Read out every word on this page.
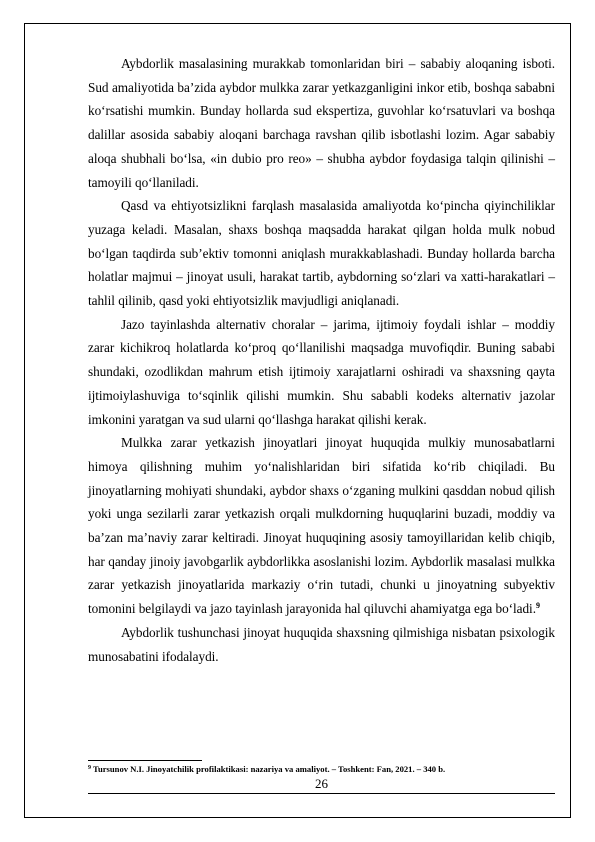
Aybdorlik masalasining murakkab tomonlaridan biri – sababiy aloqaning isboti. Sud amaliyotida ba’zida aybdor mulkka zarar yetkazganligini inkor etib, boshqa sababni ko‘rsatishi mumkin. Bunday hollarda sud ekspertiza, guvohlar ko‘rsatuvlari va boshqa dalillar asosida sababiy aloqani barchaga ravshan qilib isbotlashi lozim. Agar sababiy aloqa shubhali bo‘lsa, «in dubio pro reo» – shubha aybdor foydasiga talqin qilinishi – tamoyili qo‘llaniladi.

Qasd va ehtiyotsizlikni farqlash masalasida amaliyotda ko‘pincha qiyinchiliklar yuzaga keladi. Masalan, shaxs boshqa maqsadda harakat qilgan holda mulk nobud bo‘lgan taqdirda sub’ektiv tomonni aniqlash murakkablashadi. Bunday hollarda barcha holatlar majmui – jinoyat usuli, harakat tartib, aybdorning so‘zlari va xatti-harakatlari – tahlil qilinib, qasd yoki ehtiyotsizlik mavjudligi aniqlanadi.

Jazo tayinlashda alternativ choralar – jarima, ijtimoiy foydali ishlar – moddiy zarar kichikroq holatlarda ko‘proq qo‘llanilishi maqsadga muvofiqdir. Buning sababi shundaki, ozodlikdan mahrum etish ijtimoiy xarajatlarni oshiradi va shaxsning qayta ijtimoiylashuviga to‘sqinlik qilishi mumkin. Shu sababli kodeks alternativ jazolar imkonini yaratgan va sud ularni qo‘llashga harakat qilishi kerak.

Mulkka zarar yetkazish jinoyatlari jinoyat huquqida mulkiy munosabatlarni himoya qilishning muhim yo‘nalishlaridan biri sifatida ko‘rib chiqiladi. Bu jinoyatlarning mohiyati shundaki, aybdor shaxs o‘zganing mulkini qasddan nobud qilish yoki unga sezilarli zarar yetkazish orqali mulkdorning huquqlarini buzadi, moddiy va ba’zan ma’naviy zarar keltiradi. Jinoyat huquqining asosiy tamoyillaridan kelib chiqib, har qanday jinoiy javobgarlik aybdorlikka asoslanishi lozim. Aybdorlik masalasi mulkka zarar yetkazish jinoyatlarida markaziy o‘rin tutadi, chunki u jinoyatning subyektiv tomonini belgilaydi va jazo tayinlash jarayonida hal qiluvchi ahamiyatga ega bo‘ladi.$^9$

Aybdorlik tushunchasi jinoyat huquqida shaxsning qilmishiga nisbatan psixologik munosabatini ifodalaydi.

$^9$ Tursunov N.I. Jinoyatchilik profilaktikasi: nazariya va amaliyot. – Toshkent: Fan, 2021. – 340 b.
26
